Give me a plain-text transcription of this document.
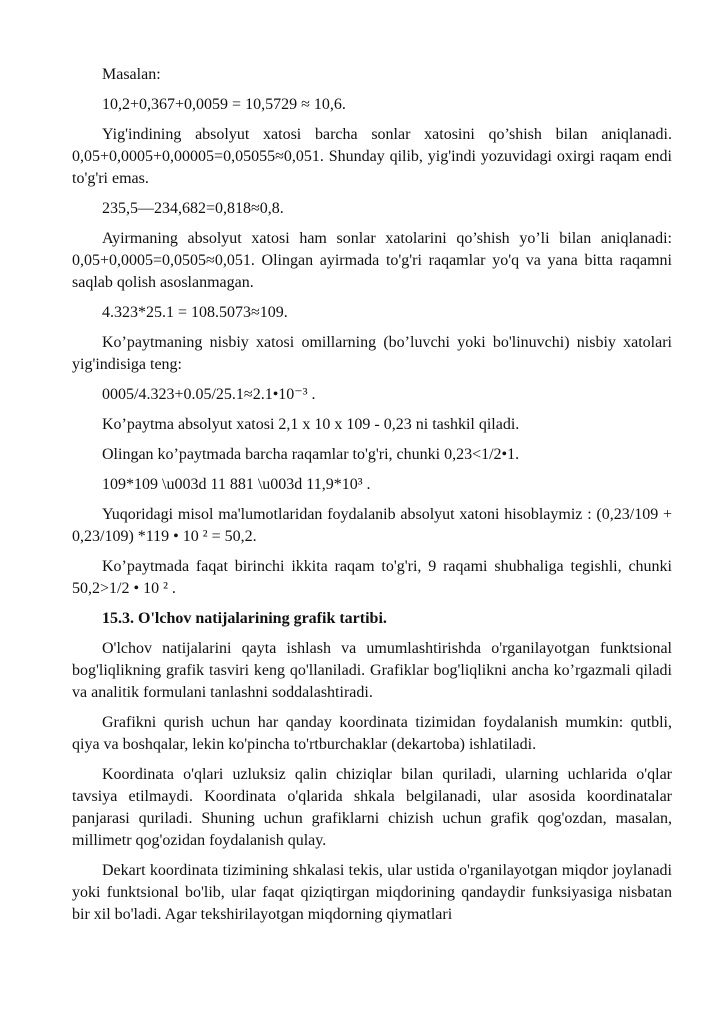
Masalan:

10,2+0,367+0,0059 = 10,5729 ≈ 10,6.

Yig'indining absolyut xatosi barcha sonlar xatosini qo’shish bilan aniqlanadi. 0,05+0,0005+0,00005=0,05055≈0,051. Shunday qilib, yig'indi yozuvidagi oxirgi raqam endi to'g'ri emas.

235,5—234,682=0,818≈0,8.

Ayirmaning absolyut xatosi ham sonlar xatolarini qo’shish yo’li bilan aniqlanadi: 0,05+0,0005=0,0505≈0,051. Olingan ayirmada to'g'ri raqamlar yo'q va yana bitta raqamni saqlab qolish asoslanmagan.

4.323*25.1 = 108.5073≈109.

Ko’paytmaning nisbiy xatosi omillarning (bo’luvchi yoki bo'linuvchi) nisbiy xatolari yig'indisiga teng:

0005/4.323+0.05/25.1≈2.1•10⁻³ .

Ko’paytma absolyut xatosi 2,1 x 10 x 109 - 0,23 ni tashkil qiladi.

Olingan ko’paytmada barcha raqamlar to'g'ri, chunki 0,23<1/2•1.

109*109 \u003d 11 881 \u003d 11,9*10³ .

Yuqoridagi misol ma'lumotlaridan foydalanib absolyut xatoni hisoblaymiz : (0,23/109 + 0,23/109) *119 • 10 ² = 50,2.

Ko’paytmada faqat birinchi ikkita raqam to'g'ri, 9 raqami shubhaliga tegishli, chunki 50,2>1/2 • 10 ² .

15.3. O'lchov natijalarining grafik tartibi.

O'lchov natijalarini qayta ishlash va umumlashtirishda o'rganilayotgan funktsional bog'liqlikning grafik tasviri keng qo'llaniladi. Grafiklar bog'liqlikni ancha ko’rgazmali qiladi va analitik formulani tanlashni soddalashtiradi.

Grafikni qurish uchun har qanday koordinata tizimidan foydalanish mumkin: qutbli, qiya va boshqalar, lekin ko'pincha to'rtburchaklar (dekartoba) ishlatiladi.

Koordinata o'qlari uzluksiz qalin chiziqlar bilan quriladi, ularning uchlarida o'qlar tavsiya etilmaydi. Koordinata o'qlarida shkala belgilanadi, ular asosida koordinatalar panjarasi quriladi. Shuning uchun grafiklarni chizish uchun grafik qog'ozdan, masalan, millimetr qog'ozidan foydalanish qulay.

Dekart koordinata tizimining shkalasi tekis, ular ustida o'rganilayotgan miqdor joylanadi yoki funktsional bo'lib, ular faqat qiziqtirgan miqdorining qandaydir funksiyasiga nisbatan bir xil bo'ladi. Agar tekshirilayotgan miqdorning qiymatlari
